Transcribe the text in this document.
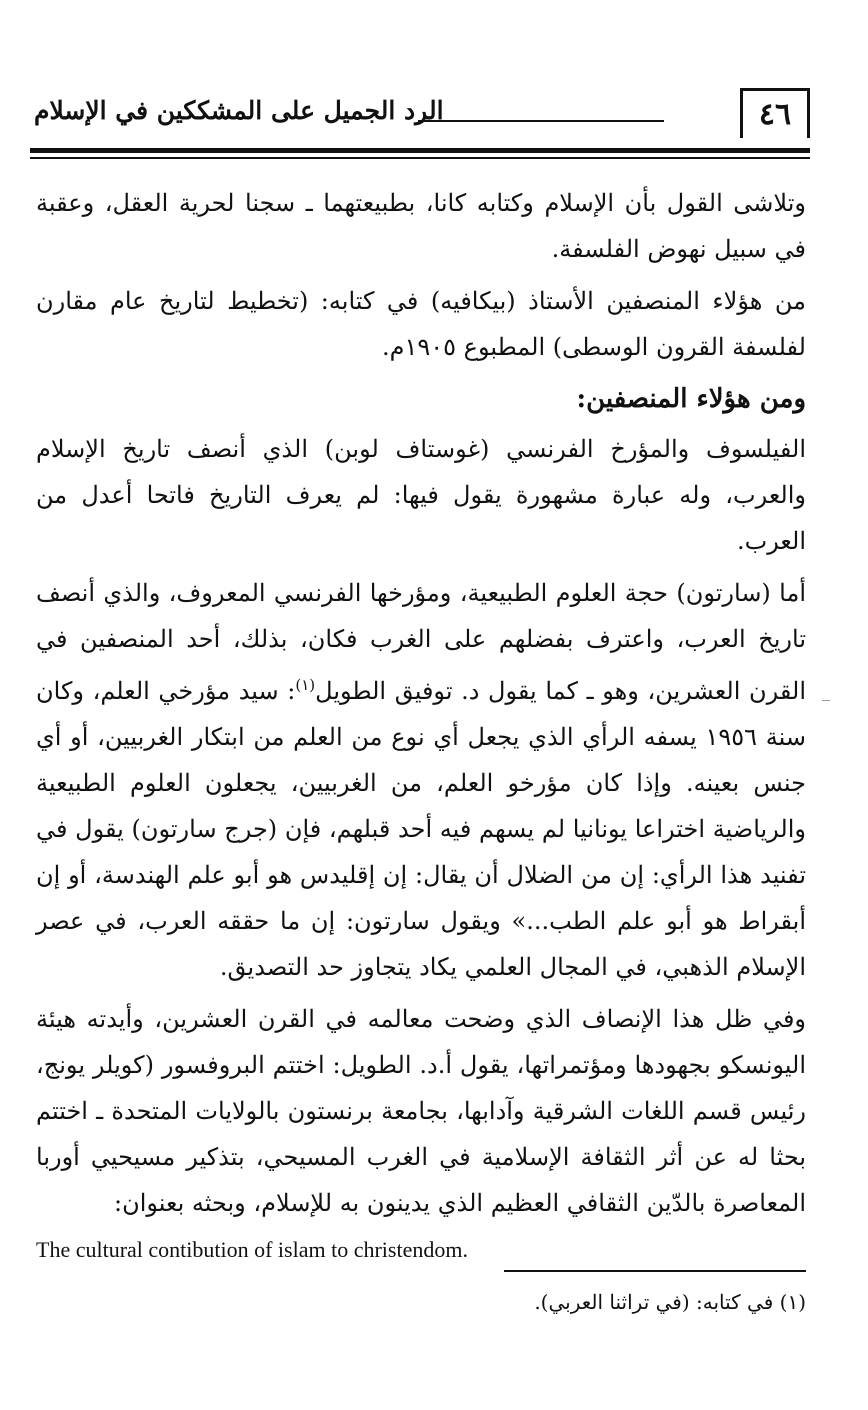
٤٦
الرد الجميل على المشككين في الإسلام

وتلاشى القول بأن الإسلام وكتابه كانا، بطبيعتهما ـ سجنا لحرية العقل، وعقبة في سبيل نهوض الفلسفة.

من هؤلاء المنصفين الأستاذ (بيكافيه) في كتابه: (تخطيط لتاريخ عام مقارن لفلسفة القرون الوسطى) المطبوع ١٩٠٥م.

ومن هؤلاء المنصفين:

الفيلسوف والمؤرخ الفرنسي (غوستاف لوبن) الذي أنصف تاريخ الإسلام والعرب، وله عبارة مشهورة يقول فيها: لم يعرف التاريخ فاتحا أعدل من العرب.

أما (سارتون) حجة العلوم الطبيعية، ومؤرخها الفرنسي المعروف، والذي أنصف تاريخ العرب، واعترف بفضلهم على الغرب فكان، بذلك، أحد المنصفين في القرن العشرين، وهو ـ كما يقول د. توفيق الطويل$^{(١)}$: سيد مؤرخي العلم، وكان سنة ١٩٥٦ يسفه الرأي الذي يجعل أي نوع من العلم من ابتكار الغربيين، أو أي جنس بعينه. وإذا كان مؤرخو العلم، من الغربيين، يجعلون العلوم الطبيعية والرياضية اختراعا يونانيا لم يسهم فيه أحد قبلهم، فإن (جرج سارتون) يقول في تفنيد هذا الرأي: إن من الضلال أن يقال: إن إقليدس هو أبو علم الهندسة، أو إن أبقراط هو أبو علم الطب...» ويقول سارتون: إن ما حققه العرب، في عصر الإسلام الذهبي، في المجال العلمي يكاد يتجاوز حد التصديق.

وفي ظل هذا الإنصاف الذي وضحت معالمه في القرن العشرين، وأيدته هيئة اليونسكو بجهودها ومؤتمراتها، يقول أ.د. الطويل: اختتم البروفسور (كويلر يونج، رئيس قسم اللغات الشرقية وآدابها، بجامعة برنستون بالولايات المتحدة ـ اختتم بحثا له عن أثر الثقافة الإسلامية في الغرب المسيحي، بتذكير مسيحيي أوربا المعاصرة بالدّين الثقافي العظيم الذي يدينون به للإسلام، وبحثه بعنوان:

The cultural contibution of islam to christendom.
(١) في كتابه: (في تراثنا العربي).
